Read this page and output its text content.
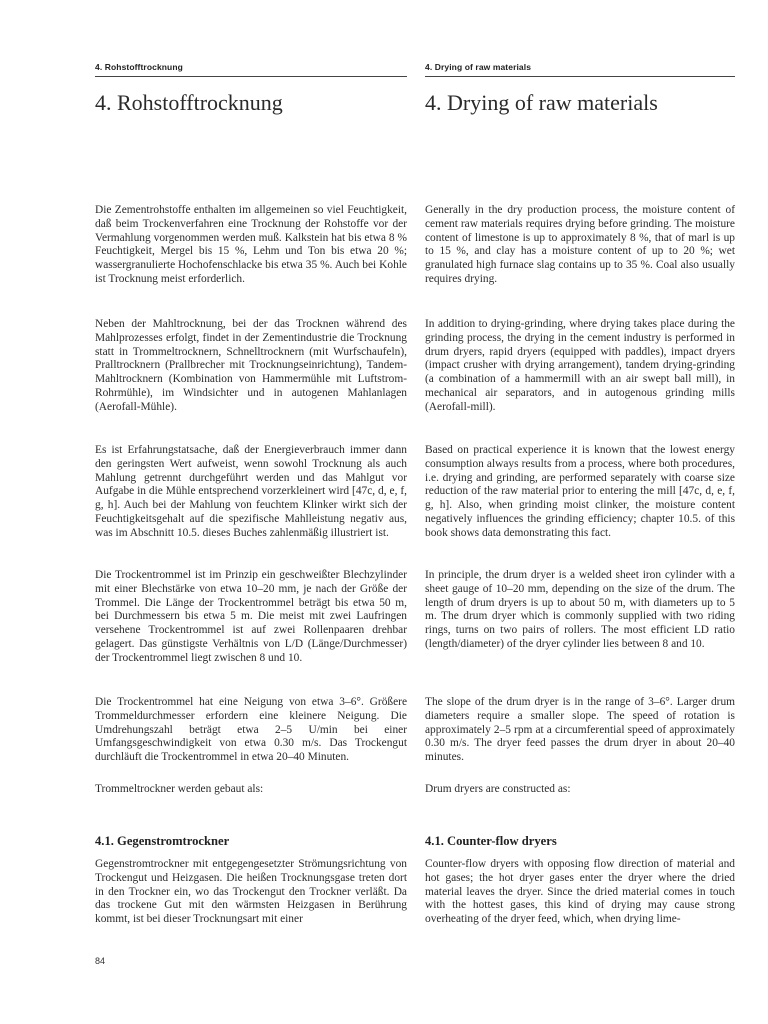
4. Rohstofftrocknung
4. Rohstofftrocknung

Die Zementrohstoffe enthalten im allgemeinen so viel Feuchtigkeit, daß beim Trockenverfahren eine Trocknung der Rohstoffe vor der Vermahlung vorgenommen werden muß. Kalkstein hat bis etwa 8 % Feuchtigkeit, Mergel bis 15 %, Lehm und Ton bis etwa 20 %; wassergranulierte Hochofenschlacke bis etwa 35 %. Auch bei Kohle ist Trocknung meist erforderlich.

Neben der Mahltrocknung, bei der das Trocknen während des Mahlprozesses erfolgt, findet in der Zementindustrie die Trocknung statt in Trommeltrocknern, Schnelltrocknern (mit Wurfschaufeln), Pralltrocknern (Prallbrecher mit Trocknungseinrichtung), Tandem-Mahltrocknern (Kombination von Hammermühle mit Luftstrom-Rohrmühle), im Windsichter und in autogenen Mahlanlagen (Aerofall-Mühle).

Es ist Erfahrungstatsache, daß der Energieverbrauch immer dann den geringsten Wert aufweist, wenn sowohl Trocknung als auch Mahlung getrennt durchgeführt werden und das Mahlgut vor Aufgabe in die Mühle entsprechend vorzerkleinert wird [47c, d, e, f, g, h]. Auch bei der Mahlung von feuchtem Klinker wirkt sich der Feuchtigkeitsgehalt auf die spezifische Mahlleistung negativ aus, was im Abschnitt 10.5. dieses Buches zahlenmäßig illustriert ist.

Die Trockentrommel ist im Prinzip ein geschweißter Blechzylinder mit einer Blechstärke von etwa 10–20 mm, je nach der Größe der Trommel. Die Länge der Trockentrommel beträgt bis etwa 50 m, bei Durchmessern bis etwa 5 m. Die meist mit zwei Laufringen versehene Trockentrommel ist auf zwei Rollenpaaren drehbar gelagert. Das günstigste Verhältnis von L/D (Länge/Durchmesser) der Trockentrommel liegt zwischen 8 und 10.

Die Trockentrommel hat eine Neigung von etwa 3–6°. Größere Trommeldurchmesser erfordern eine kleinere Neigung. Die Umdrehungszahl beträgt etwa 2–5 U/min bei einer Umfangsgeschwindigkeit von etwa 0.30 m/s. Das Trockengut durchläuft die Trockentrommel in etwa 20–40 Minuten.

Trommeltrockner werden gebaut als:

4.1. Gegenstromtrockner

Gegenstromtrockner mit entgegengesetzter Strömungsrichtung von Trockengut und Heizgasen. Die heißen Trocknungsgase treten dort in den Trockner ein, wo das Trockengut den Trockner verläßt. Da das trockene Gut mit den wärmsten Heizgasen in Berührung kommt, ist bei dieser Trocknungsart mit einer

84
4. Drying of raw materials
4. Drying of raw materials

Generally in the dry production process, the moisture content of cement raw materials requires drying before grinding. The moisture content of limestone is up to approximately 8 %, that of marl is up to 15 %, and clay has a moisture content of up to 20 %; wet granulated high furnace slag contains up to 35 %. Coal also usually requires drying.

In addition to drying-grinding, where drying takes place during the grinding process, the drying in the cement industry is performed in drum dryers, rapid dryers (equipped with paddles), impact dryers (impact crusher with drying arrangement), tandem drying-grinding (a combination of a hammermill with an air swept ball mill), in mechanical air separators, and in autogenous grinding mills (Aerofall-mill).

Based on practical experience it is known that the lowest energy consumption always results from a process, where both procedures, i.e. drying and grinding, are performed separately with coarse size reduction of the raw material prior to entering the mill [47c, d, e, f, g, h]. Also, when grinding moist clinker, the moisture content negatively influences the grinding efficiency; chapter 10.5. of this book shows data demonstrating this fact.

In principle, the drum dryer is a welded sheet iron cylinder with a sheet gauge of 10–20 mm, depending on the size of the drum. The length of drum dryers is up to about 50 m, with diameters up to 5 m. The drum dryer which is commonly supplied with two riding rings, turns on two pairs of rollers. The most efficient LD ratio (length/diameter) of the dryer cylinder lies between 8 and 10.

The slope of the drum dryer is in the range of 3–6°. Larger drum diameters require a smaller slope. The speed of rotation is approximately 2–5 rpm at a circumferential speed of approximately 0.30 m/s. The dryer feed passes the drum dryer in about 20–40 minutes.

Drum dryers are constructed as:

4.1. Counter-flow dryers

Counter-flow dryers with opposing flow direction of material and hot gases; the hot dryer gases enter the dryer where the dried material leaves the dryer. Since the dried material comes in touch with the hottest gases, this kind of drying may cause strong overheating of the dryer feed, which, when drying lime-
